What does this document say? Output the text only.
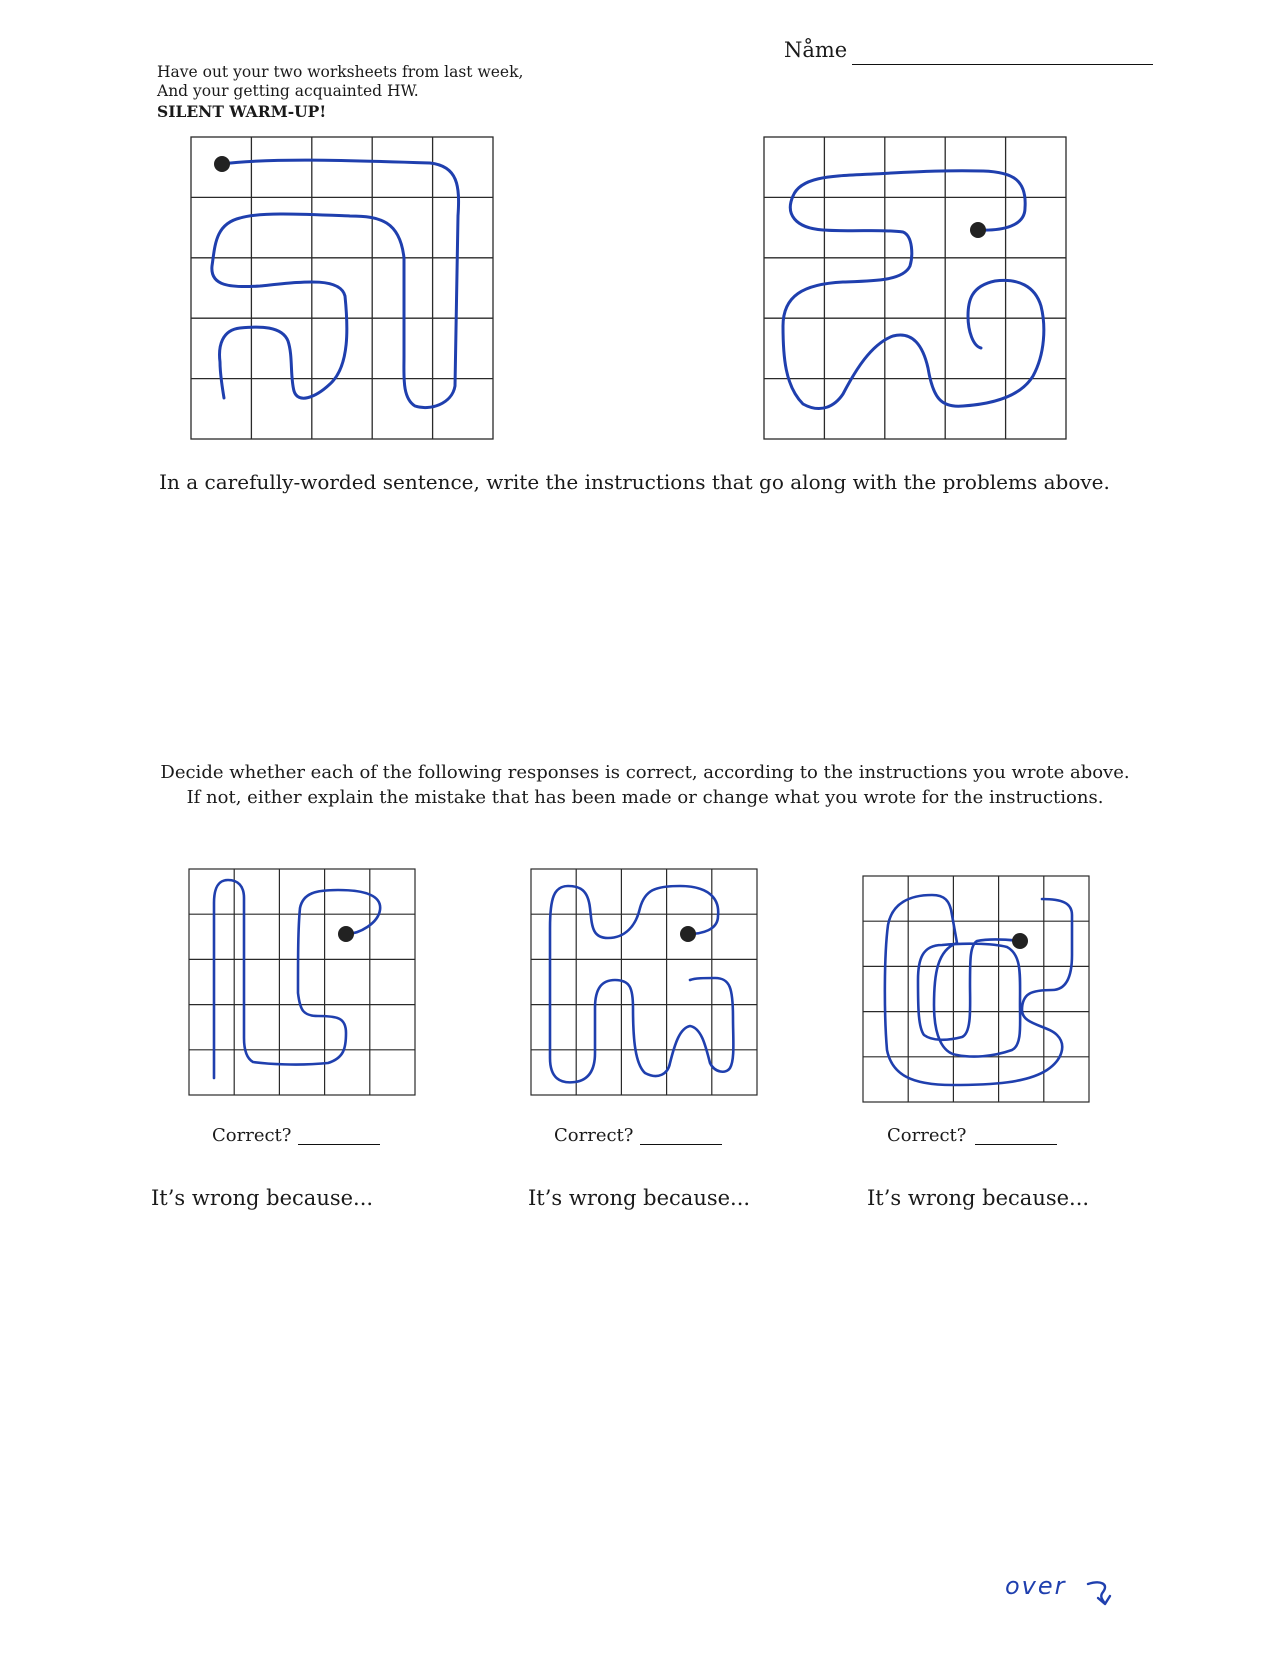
Nåme
Have out your two worksheets from last week,
And your getting acquainted HW.
SILENT WARM-UP!
In a carefully-worded sentence, write the instructions that go along with the problems above.
Decide whether each of the following responses is correct, according to the instructions you wrote above.
If not, either explain the mistake that has been made or change what you wrote for the instructions.
Correct?	Correct?	Correct?
It’s wrong because...	It’s wrong because...	It’s wrong because...
over
